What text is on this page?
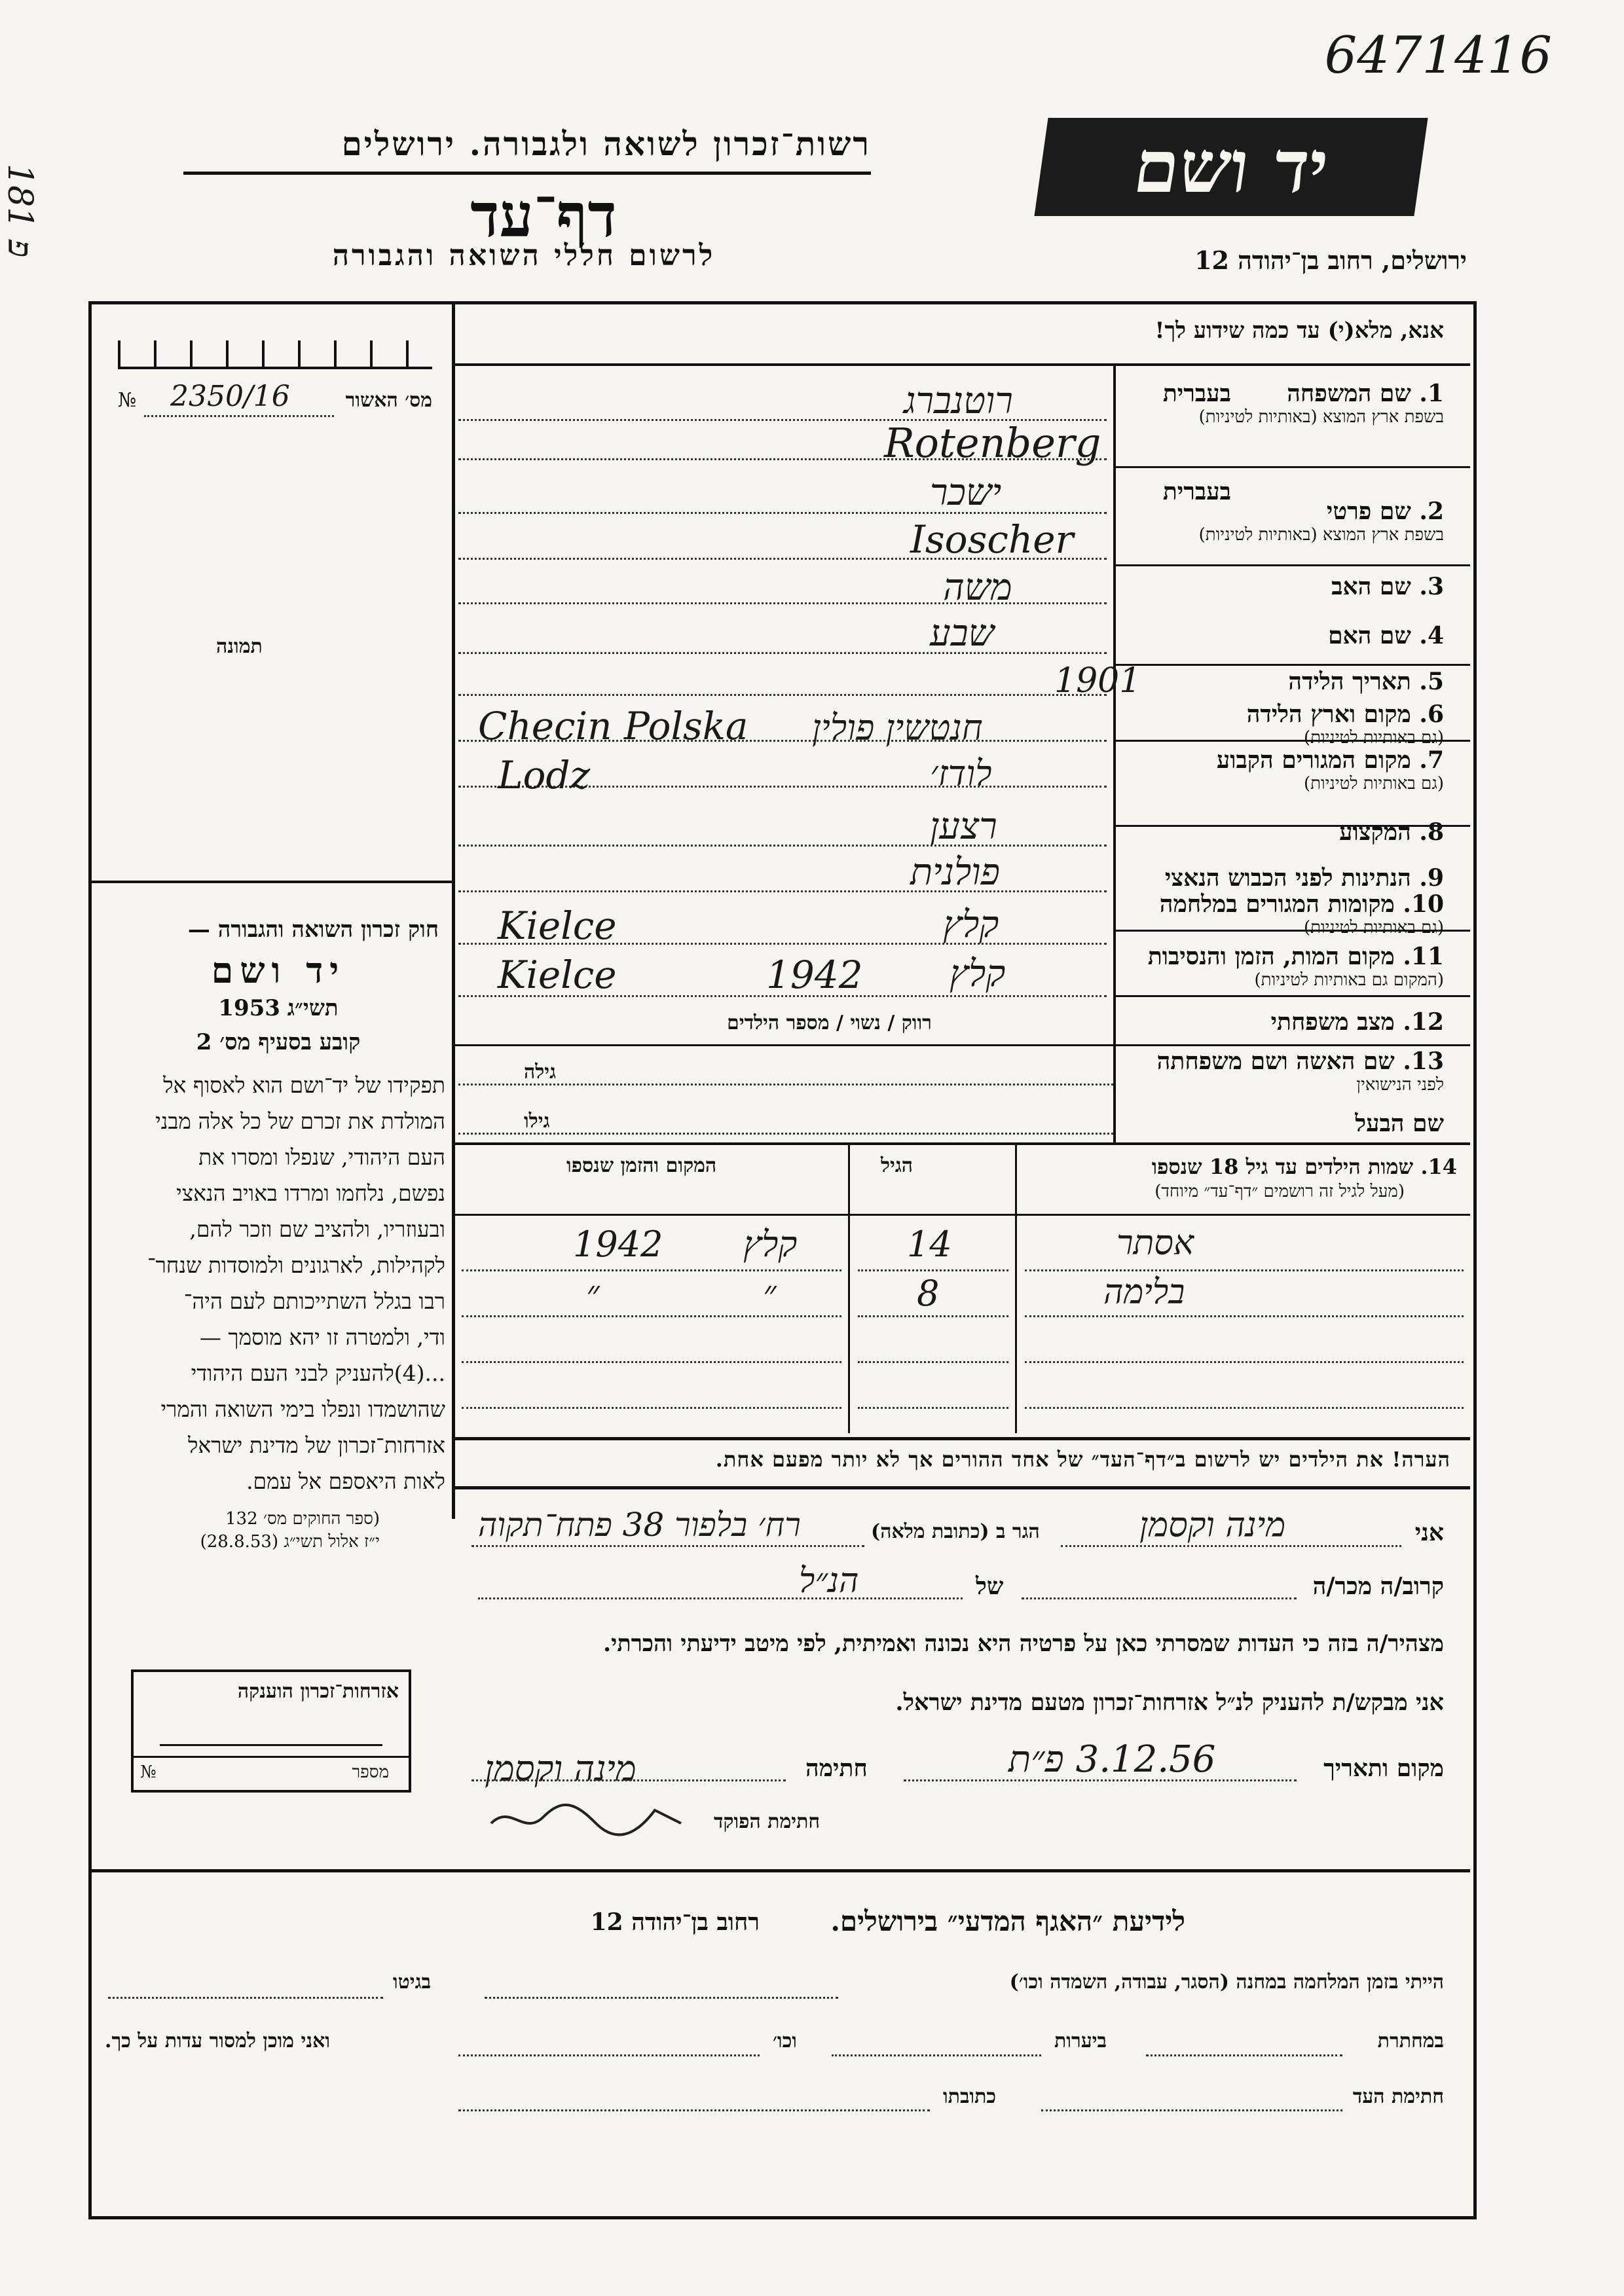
6471416
פ 181
רשות־זכרון לשואה ולגבורה. ירושלים	יד ושם
דף־עד
לרשום חללי השואה והגבורה	ירושלים, רחוב בן־יהודה 12
אנא, מלא(י) עד כמה שידוע לך!
מס׳ האשור
2350/16
№
תמונה
חוק זכרון השואה והגבורה —
יד ושם
תשי״ג 1953
קובע בסעיף מס׳ 2
תפקידו של יד־ושם הוא לאסוף אל
המולדת את זכרם של כל אלה מבני
העם היהודי, שנפלו ומסרו את
נפשם, נלחמו ומרדו באויב הנאצי
ובעוזריו, ולהציב שם וזכר להם,
לקהילות, לארגונים ולמוסדות שנחר־
רבו בגלל השתייכותם לעם היה־
ודי, ולמטרה זו יהא מוסמך —
...(4)להעניק לבני העם היהודי
שהושמדו ונפלו בימי השואה והמרי
אזרחות־זכרון של מדינת ישראל
לאות היאספם אל עמם.
(ספר החוקים מס׳ 132
י״ז אלול תשי״ג (28.8.53)
1. שם המשפחה
בשפת ארץ המוצא (באותיות לטיניות)
בעברית
רוטנברג
Rotenberg
2. שם פרטי
בשפת ארץ המוצא (באותיות לטיניות)
בעברית
ישכר
Isoscher
3. שם האב
משה
4. שם האם
שבע
5. תאריך הלידה
1901
6. מקום וארץ הלידה
(גם באותיות לטיניות)
חנטשין פולין
Checin Polska
7. מקום המגורים הקבוע
(גם באותיות לטיניות)
לודז׳
Lodz
8. המקצוע
רצען
9. הנתינות לפני הכבוש הנאצי
פולנית
10. מקומות המגורים במלחמה
(גם באותיות לטיניות)
קלץ
Kielce
11. מקום המות, הזמן והנסיבות
(המקום גם באותיות לטיניות)
קלץ
1942
Kielce
12. מצב משפחתי
רווק / נשוי / מספר הילדים
13. שם האשה ושם משפחתה
לפני הנישואין
גילה
שם הבעל
גילו
14. שמות הילדים עד גיל 18 שנספו
(מעל לגיל זה רושמים ״דף־עד״ מיוחד)
הגיל
המקום והזמן שנספו
אסתר
14
קלץ
1942
בלימה
8
״
״
הערה! את הילדים יש לרשום ב״דף־העד״ של אחד ההורים אך לא יותר מפעם אחת.
אני
מינה וקסמן
הגר ב (כתובת מלאה)
רח׳ בלפור 38 פתח־תקוה
קרוב/ה מכר/ה
של
הנ״ל
מצהיר/ה בזה כי העדות שמסרתי כאן על פרטיה היא נכונה ואמיתית, לפי מיטב ידיעתי והכרתי.
אני מבקש/ת להעניק לנ״ל אזרחות־זכרון מטעם מדינת ישראל.
מקום ותאריך
3.12.56 פ״ת
חתימה
מינה וקסמן
חתימת הפוקד
אזרחות־זכרון הוענקה
מספר
№
לידיעת ״האגף המדעי״ בירושלים.
רחוב בן־יהודה 12
הייתי בזמן המלחמה במחנה (הסגר, עבודה, השמדה וכו׳)
בגיטו
במחתרת
ביערות
וכו׳
ואני מוכן למסור עדות על כך.
חתימת העד
כתובתו
